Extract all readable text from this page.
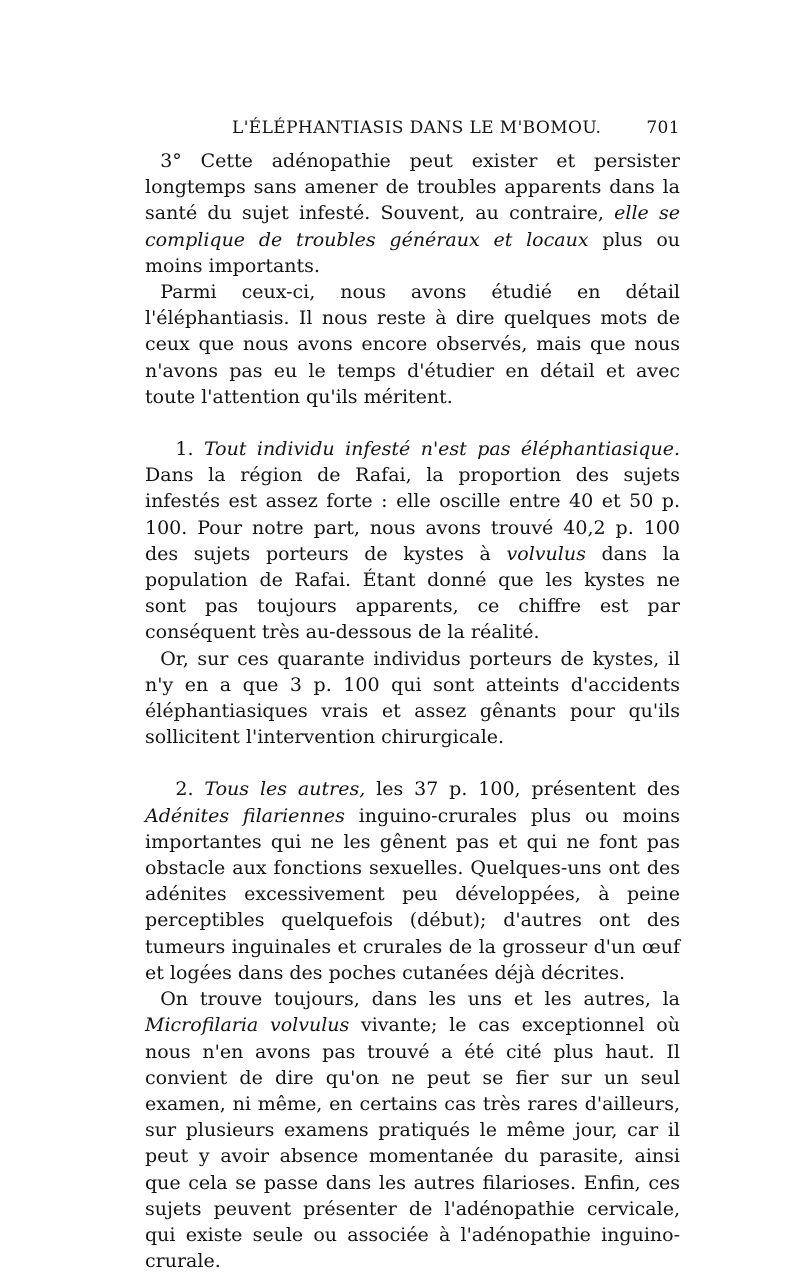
L'ÉLÉPHANTIASIS DANS LE M'BOMOU.	701

3° Cette adénopathie peut exister et persister longtemps sans amener de troubles apparents dans la santé du sujet infesté. Souvent, au contraire, elle se complique de troubles généraux et locaux plus ou moins importants.

Parmi ceux-ci, nous avons étudié en détail l'éléphantiasis. Il nous reste à dire quelques mots de ceux que nous avons encore observés, mais que nous n'avons pas eu le temps d'étudier en détail et avec toute l'attention qu'ils méritent.

1. Tout individu infesté n'est pas éléphantiasique. Dans la région de Rafai, la proportion des sujets infestés est assez forte : elle oscille entre 40 et 50 p. 100. Pour notre part, nous avons trouvé 40,2 p. 100 des sujets porteurs de kystes à volvulus dans la population de Rafai. Étant donné que les kystes ne sont pas toujours apparents, ce chiffre est par conséquent très au-dessous de la réalité.

Or, sur ces quarante individus porteurs de kystes, il n'y en a que 3 p. 100 qui sont atteints d'accidents éléphantiasiques vrais et assez gênants pour qu'ils sollicitent l'intervention chirurgicale.

2. Tous les autres, les 37 p. 100, présentent des Adénites filariennes inguino-crurales plus ou moins importantes qui ne les gênent pas et qui ne font pas obstacle aux fonctions sexuelles. Quelques-uns ont des adénites excessivement peu développées, à peine perceptibles quelquefois (début); d'autres ont des tumeurs inguinales et crurales de la grosseur d'un œuf et logées dans des poches cutanées déjà décrites.

On trouve toujours, dans les uns et les autres, la Microfilaria volvulus vivante; le cas exceptionnel où nous n'en avons pas trouvé a été cité plus haut. Il convient de dire qu'on ne peut se fier sur un seul examen, ni même, en certains cas très rares d'ailleurs, sur plusieurs examens pratiqués le même jour, car il peut y avoir absence momentanée du parasite, ainsi que cela se passe dans les autres filarioses. Enfin, ces sujets peuvent présenter de l'adénopathie cervicale, qui existe seule ou associée à l'adénopathie inguino-crurale.
